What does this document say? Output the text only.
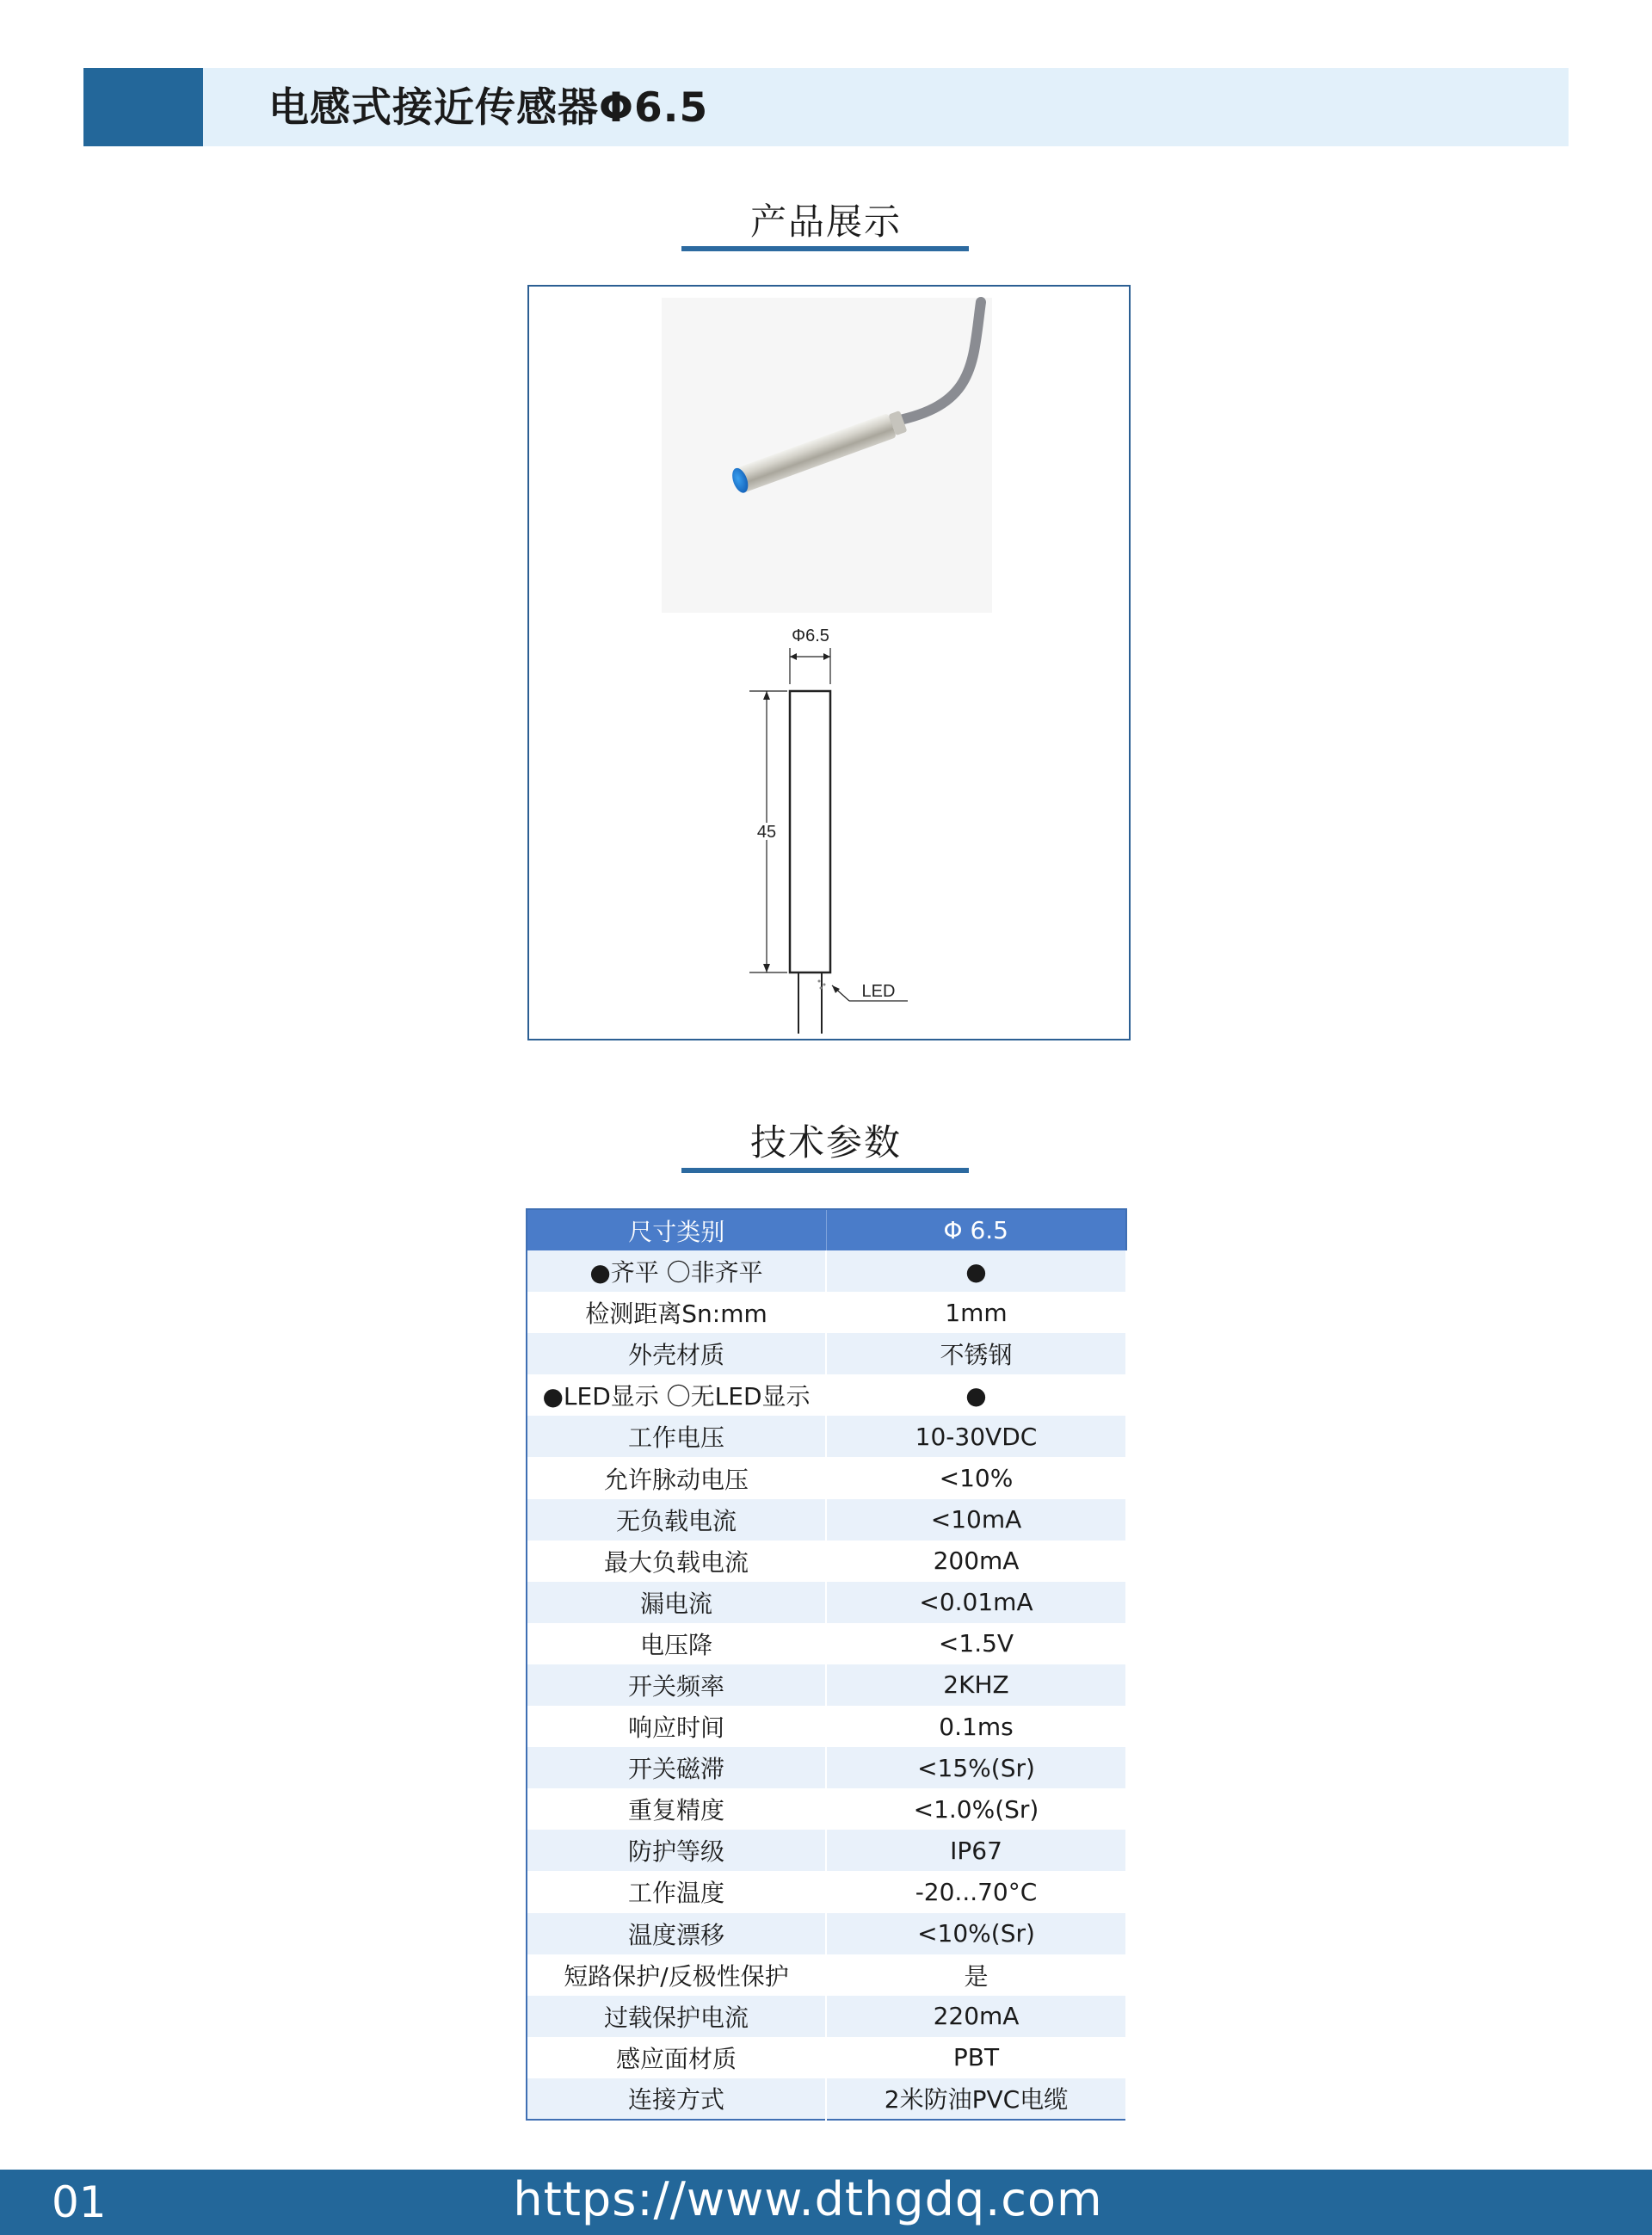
电感式接近传感器Φ6.5
产品展示
Φ6.5
45
LED
技术参数
尺寸类别	Φ 6.5
●齐平 〇非齐平	●
检测距离Sn:mm	1mm
外壳材质	不锈钢
●LED显示 〇无LED显示	●
工作电压	10-30VDC
允许脉动电压	<10%
无负载电流	<10mA
最大负载电流	200mA
漏电流	<0.01mA
电压降	<1.5V
开关频率	2KHZ
响应时间	0.1ms
开关磁滞	<15%(Sr)
重复精度	<1.0%(Sr)
防护等级	IP67
工作温度	-20...70°C
温度漂移	<10%(Sr)
短路保护/反极性保护	是
过载保护电流	220mA
感应面材质	PBT
连接方式	2米防油PVC电缆
01	https://www.dthgdq.com
